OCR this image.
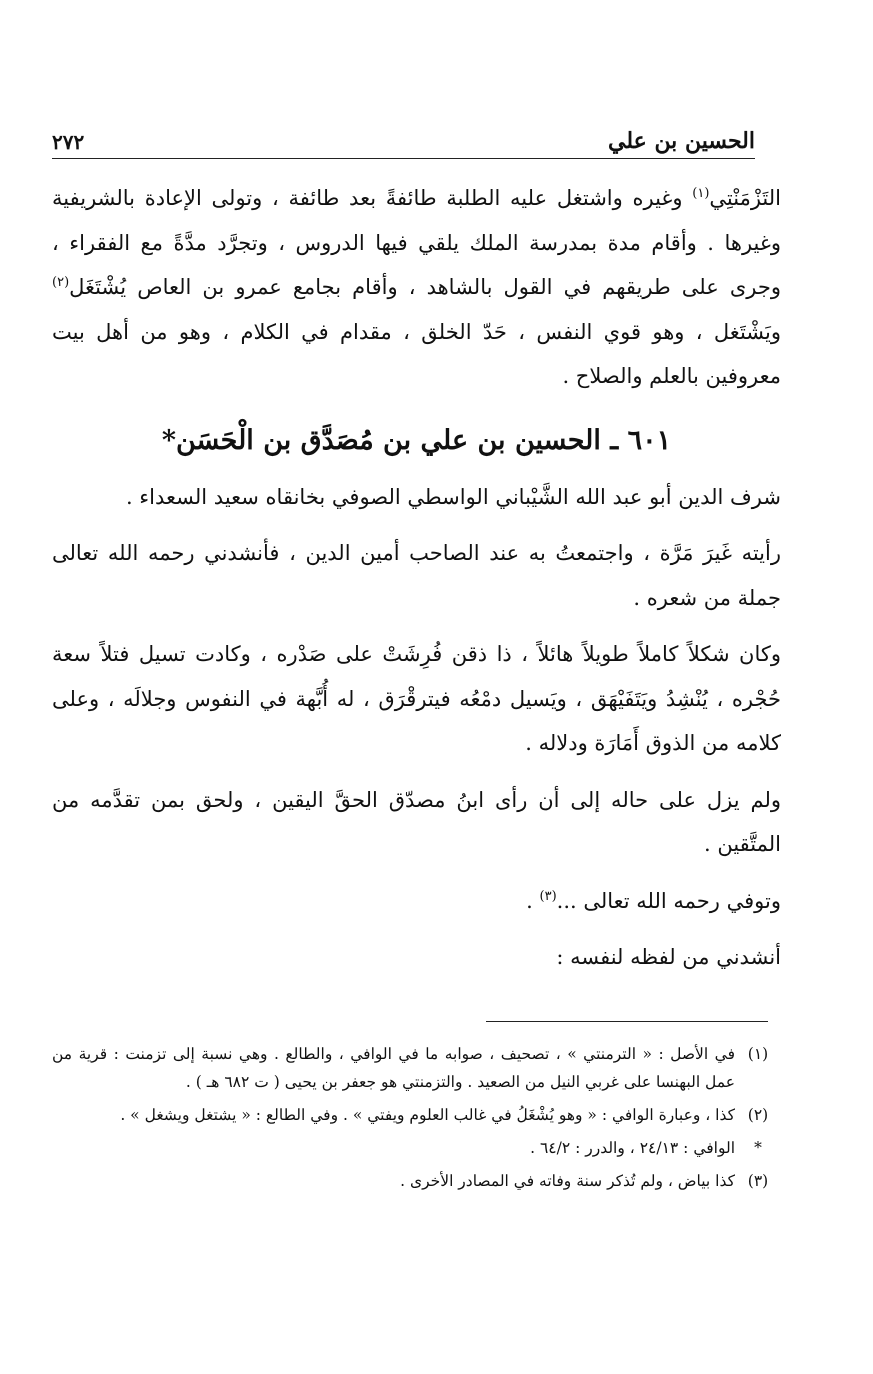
٢٧٢	الحسين بن علي

التَزْمَنْتِي$^{(١)}$ وغيره واشتغل عليه الطلبة طائفةً بعد طائفة ، وتولى الإعادة بالشريفية وغيرها . وأقام مدة بمدرسة الملك يلقي فيها الدروس ، وتجرَّد مدَّةً مع الفقراء ، وجرى على طريقهم في القول بالشاهد ، وأقام بجامع عمرو بن العاص يُشْتَغَل$^{(٢)}$ ويَشْتَغل ، وهو قوي النفس ، حَدّ الخلق ، مقدام في الكلام ، وهو من أهل بيت معروفين بالعلم والصلاح .

٦٠١ ـ الحسين بن علي بن مُصَدَّق بن الْحَسَن*

شرف الدين أبو عبد الله الشَّيْباني الواسطي الصوفي بخانقاه سعيد السعداء .

رأيته غَيرَ مَرَّة ، واجتمعتُ به عند الصاحب أمين الدين ، فأنشدني رحمه الله تعالى جملة من شعره .

وكان شكلاً كاملاً طويلاً هائلاً ، ذا ذقن فُرِشَتْ على صَدْره ، وكادت تسيل فتلاً سعة حُجْره ، يُنْشِدُ ويَتَفَيْهَق ، ويَسيل دمْعُه فيترقْرَق ، له أُبَّهة في النفوس وجلالَه ، وعلى كلامه من الذوق أَمَارَة ودلاله .

ولم يزل على حاله إلى أن رأى ابنُ مصدّق الحقَّ اليقين ، ولحق بمن تقدَّمه من المتَّقين .

وتوفي رحمه الله تعالى ...$^{(٣)}$ .

أنشدني من لفظه لنفسه :

(١)
في الأصل : « الترمنتي » ، تصحيف ، صوابه ما في الوافي ، والطالع . وهي نسبة إلى تزمنت : قرية من عمل البهنسا على غربي النيل من الصعيد . والتزمنتي هو جعفر بن يحيى ( ت ٦٨٢ هـ ) .
(٢)
كذا ، وعبارة الوافي : « وهو يُشْغَلُ في غالب العلوم ويفتي » . وفي الطالع : « يشتغل ويشغل » .
*
الوافي : ٢٤/١٣ ، والدرر : ٦٤/٢ .
(٣)
كذا بياض ، ولم تُذكر سنة وفاته في المصادر الأخرى .
